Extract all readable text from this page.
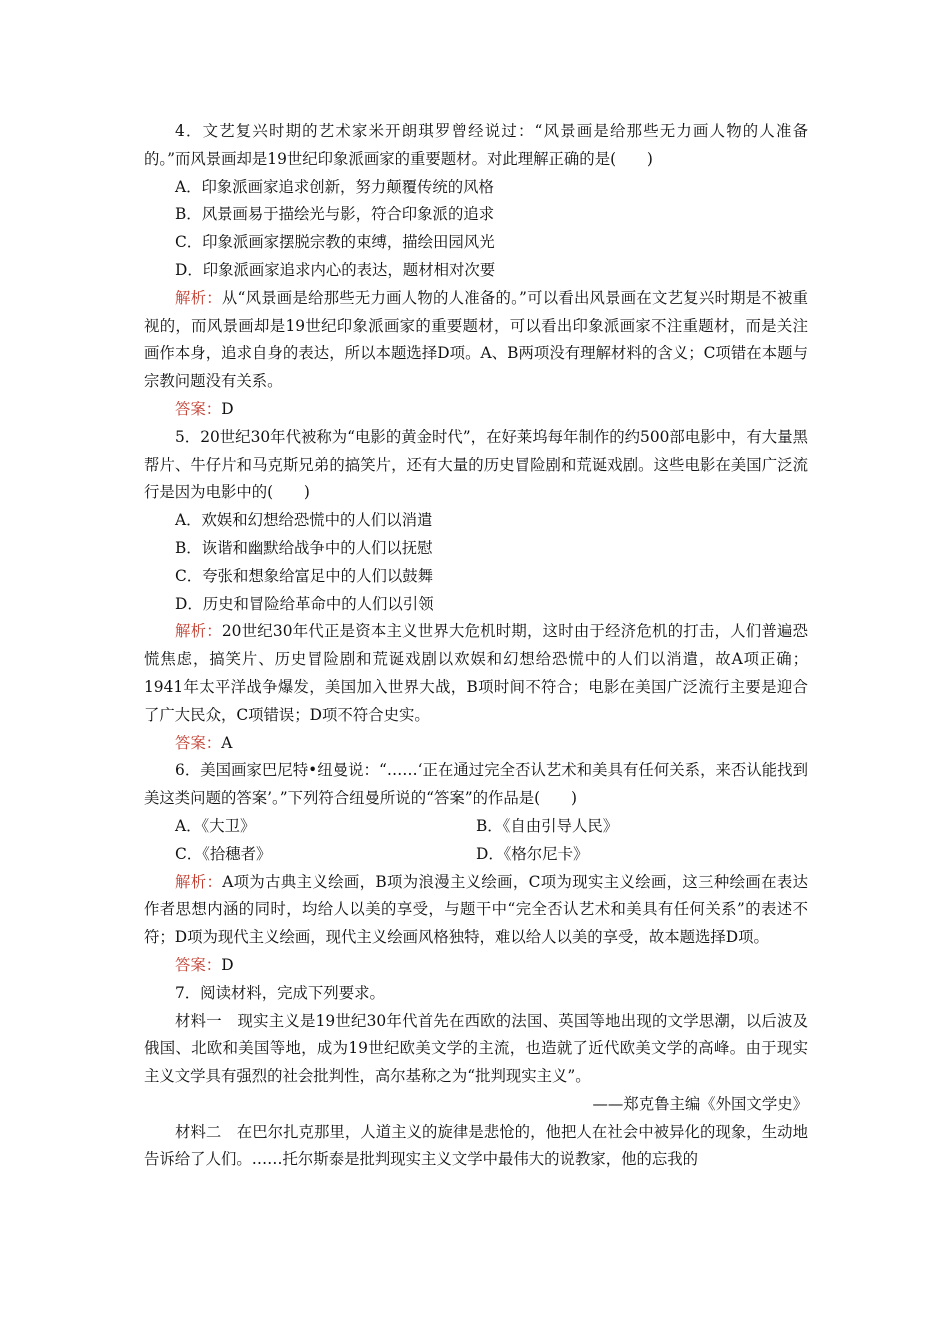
4．文艺复兴时期的艺术家米开朗琪罗曾经说过：“风景画是给那些无力画人物的人准备的。”而风景画却是19世纪印象派画家的重要题材。对此理解正确的是(　　)

A．印象派画家追求创新，努力颠覆传统的风格

B．风景画易于描绘光与影，符合印象派的追求

C．印象派画家摆脱宗教的束缚，描绘田园风光

D．印象派画家追求内心的表达，题材相对次要

解析：从“风景画是给那些无力画人物的人准备的。”可以看出风景画在文艺复兴时期是不被重视的，而风景画却是19世纪印象派画家的重要题材，可以看出印象派画家不注重题材，而是关注画作本身，追求自身的表达，所以本题选择D项。A、B两项没有理解材料的含义；C项错在本题与宗教问题没有关系。

答案：D

5．20世纪30年代被称为“电影的黄金时代”，在好莱坞每年制作的约500部电影中，有大量黑帮片、牛仔片和马克斯兄弟的搞笑片，还有大量的历史冒险剧和荒诞戏剧。这些电影在美国广泛流行是因为电影中的(　　)

A．欢娱和幻想给恐慌中的人们以消遣

B．诙谐和幽默给战争中的人们以抚慰

C．夸张和想象给富足中的人们以鼓舞

D．历史和冒险给革命中的人们以引领

解析：20世纪30年代正是资本主义世界大危机时期，这时由于经济危机的打击，人们普遍恐慌焦虑，搞笑片、历史冒险剧和荒诞戏剧以欢娱和幻想给恐慌中的人们以消遣，故A项正确；1941年太平洋战争爆发，美国加入世界大战，B项时间不符合；电影在美国广泛流行主要是迎合了广大民众，C项错误；D项不符合史实。

答案：A

6．美国画家巴尼特•纽曼说：“……‘正在通过完全否认艺术和美具有任何关系，来否认能找到美这类问题的答案’。”下列符合纽曼所说的“答案”的作品是(　　)

A．《大卫》	B．《自由引导人民》
C．《拾穗者》	D．《格尔尼卡》

解析：A项为古典主义绘画，B项为浪漫主义绘画，C项为现实主义绘画，这三种绘画在表达作者思想内涵的同时，均给人以美的享受，与题干中“完全否认艺术和美具有任何关系”的表述不符；D项为现代主义绘画，现代主义绘画风格独特，难以给人以美的享受，故本题选择D项。

答案：D

7．阅读材料，完成下列要求。

材料一　现实主义是19世纪30年代首先在西欧的法国、英国等地出现的文学思潮，以后波及俄国、北欧和美国等地，成为19世纪欧美文学的主流，也造就了近代欧美文学的高峰。由于现实主义文学具有强烈的社会批判性，高尔基称之为“批判现实主义”。

——郑克鲁主编《外国文学史》

材料二　在巴尔扎克那里，人道主义的旋律是悲怆的，他把人在社会中被异化的现象，生动地告诉给了人们。……托尔斯泰是批判现实主义文学中最伟大的说教家，他的忘我的
